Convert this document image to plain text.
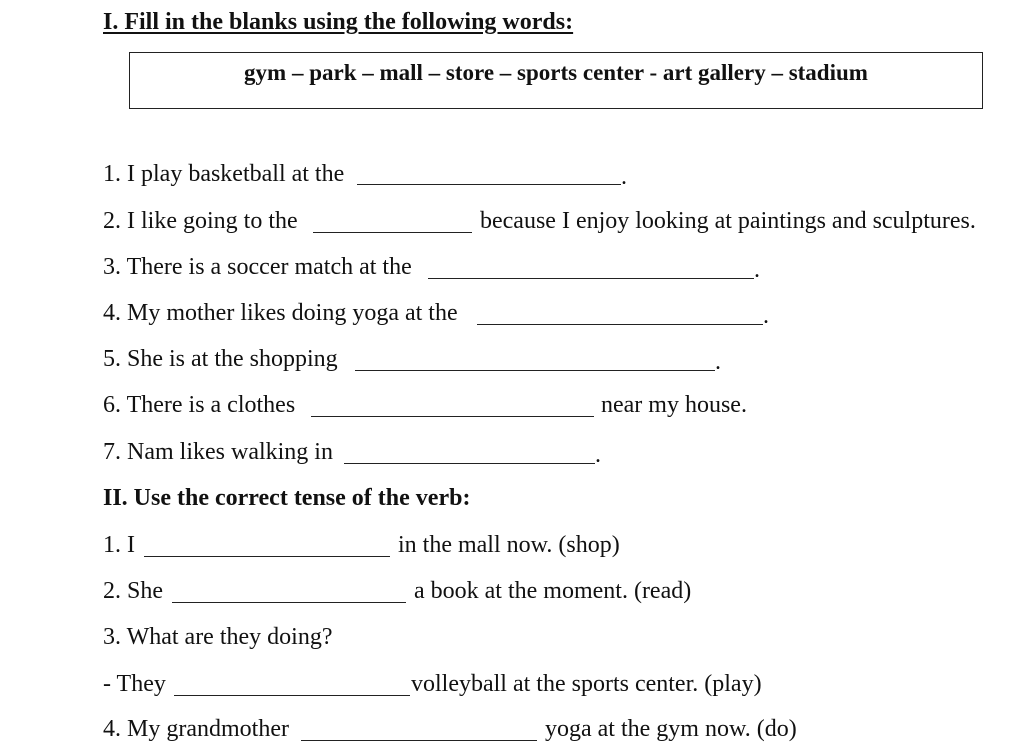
I. Fill in the blanks using the following words:
gym – park – mall – store – sports center - art gallery – stadium
1. I play basketball at the	.
2. I like going to the	because I enjoy looking at paintings and sculptures.
3. There is a soccer match at the	.
4. My mother likes doing yoga at the	.
5. She is at the shopping	.
6. There is a clothes	near my house.
7. Nam likes walking in	.
II. Use the correct tense of the verb:
1. I	in the mall now. (shop)
2. She	a book at the moment. (read)
3. What are they doing?
- They	volleyball at the sports center. (play)
4. My grandmother	yoga at the gym now. (do)
